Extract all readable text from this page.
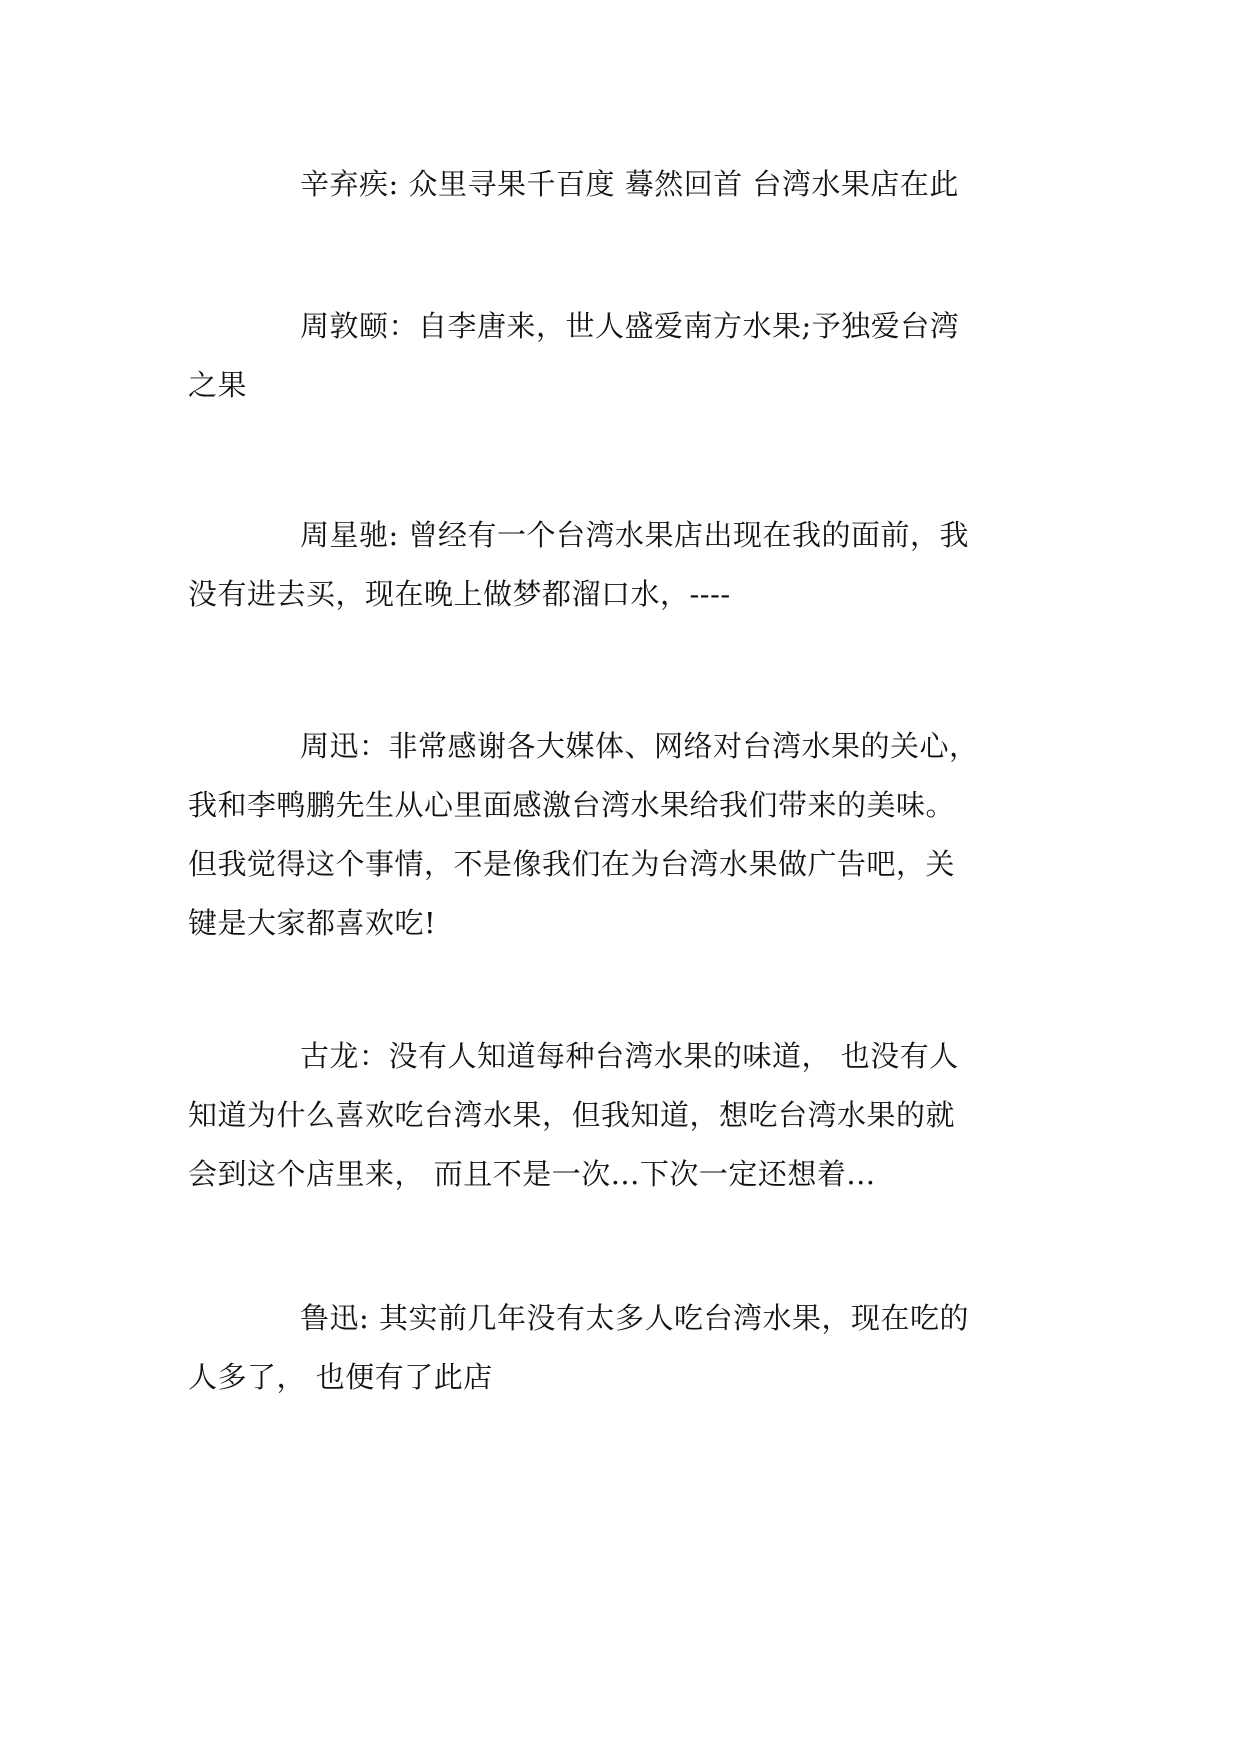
辛弃疾: 众里寻果千百度 蓦然回首 台湾水果店在此
周敦颐：自李唐来，世人盛爱南方水果;予独爱台湾
之果
周星驰: 曾经有一个台湾水果店出现在我的面前，我
没有进去买，现在晚上做梦都溜口水，----
周迅：非常感谢各大媒体、网络对台湾水果的关心，
我和李鸭鹏先生从心里面感激台湾水果给我们带来的美味。
但我觉得这个事情，不是像我们在为台湾水果做广告吧，关
键是大家都喜欢吃!
古龙：没有人知道每种台湾水果的味道， 也没有人
知道为什么喜欢吃台湾水果，但我知道，想吃台湾水果的就
会到这个店里来， 而且不是一次...下次一定还想着...
鲁迅: 其实前几年没有太多人吃台湾水果，现在吃的
人多了， 也便有了此店
